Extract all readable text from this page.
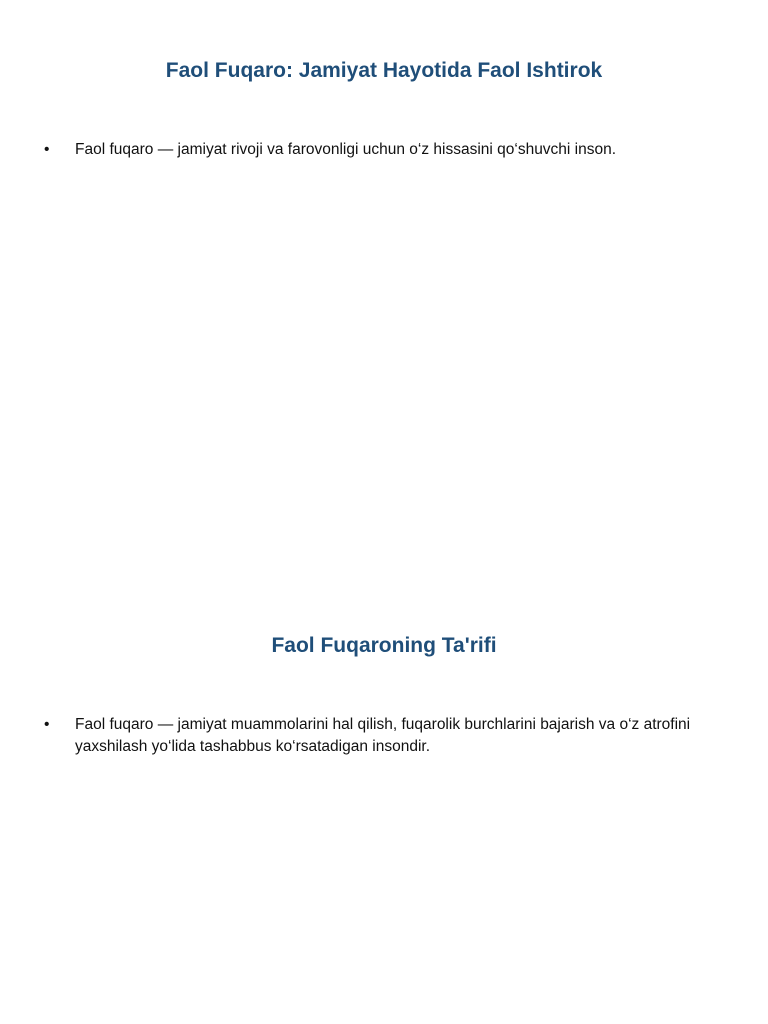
Faol Fuqaro: Jamiyat Hayotida Faol Ishtirok
•	Faol fuqaro — jamiyat rivoji va farovonligi uchun o‘z hissasini qo‘shuvchi inson.
Faol Fuqaroning Ta'rifi
•	Faol fuqaro — jamiyat muammolarini hal qilish, fuqarolik burchlarini bajarish va o‘z atrofini yaxshilash yo‘lida tashabbus ko‘rsatadigan insondir.
